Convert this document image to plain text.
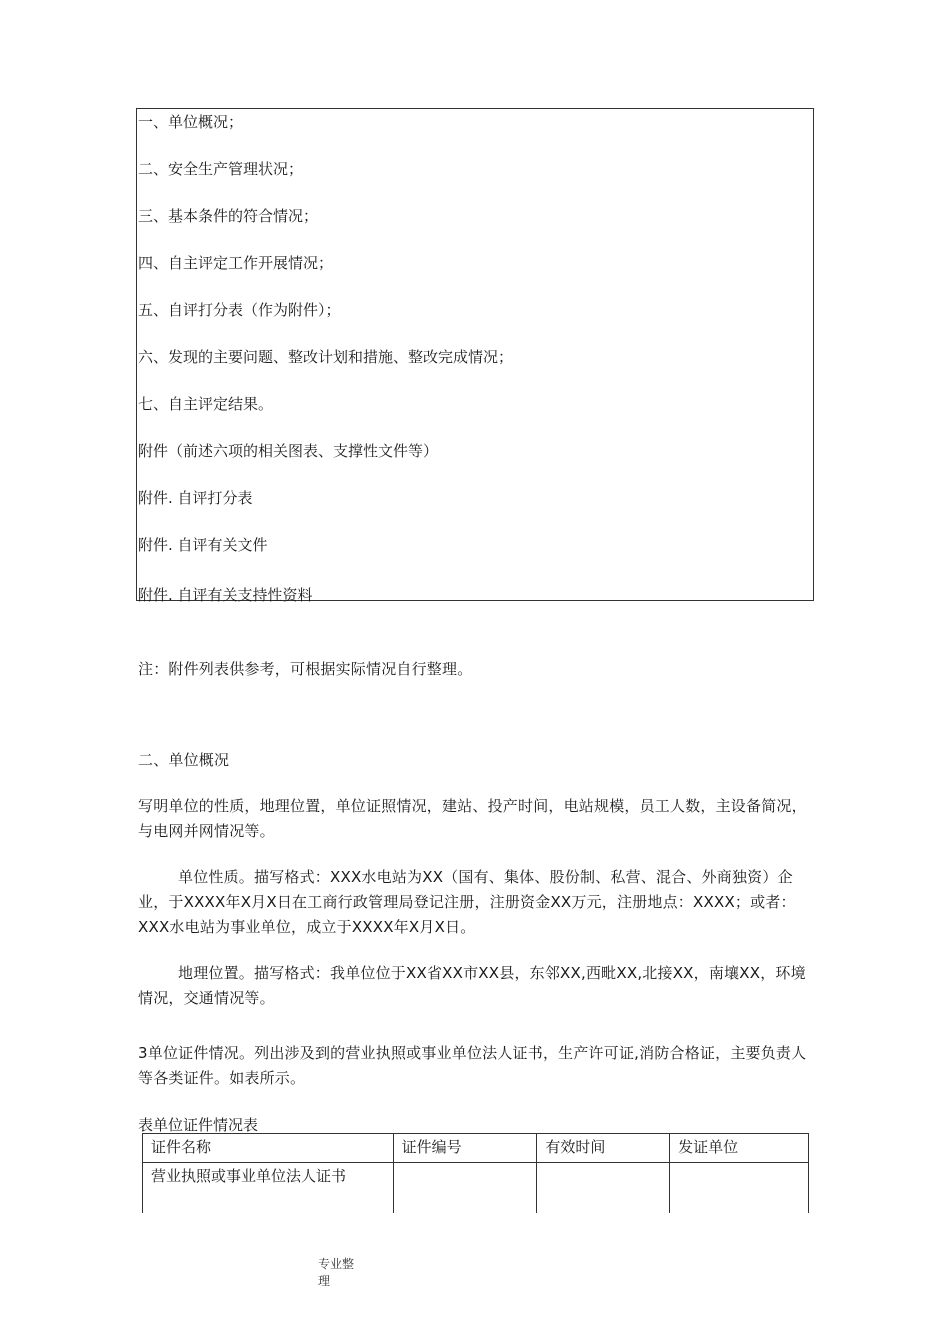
一、单位概况；
二、安全生产管理状况；
三、基本条件的符合情况；
四、自主评定工作开展情况；
五、自评打分表（作为附件）；
六、发现的主要问题、整改计划和措施、整改完成情况；
七、自主评定结果。
附件（前述六项的相关图表、支撑性文件等）
附件. 自评打分表
附件. 自评有关文件
附件. 自评有关支持性资料
注：附件列表供参考，可根据实际情况自行整理。
二、单位概况
写明单位的性质，地理位置，单位证照情况，建站、投产时间，电站规模，员工人数，主设备简况，与电网并网情况等。
单位性质。描写格式：XXX水电站为XX（国有、集体、股份制、私营、混合、外商独资）企业，于XXXX年X月X日在工商行政管理局登记注册，注册资金XX万元，注册地点：XXXX；或者：XXX水电站为事业单位，成立于XXXX年X月X日。
地理位置。描写格式：我单位位于XX省XX市XX县，东邻XX,西毗XX,北接XX，南壤XX，环境情况，交通情况等。
3单位证件情况。列出涉及到的营业执照或事业单位法人证书，生产许可证,消防合格证，主要负责人等各类证件。如表所示。
表单位证件情况表
证件名称	证件编号	有效时间	发证单位
营业执照或事业单位法人证书			
专业整理
